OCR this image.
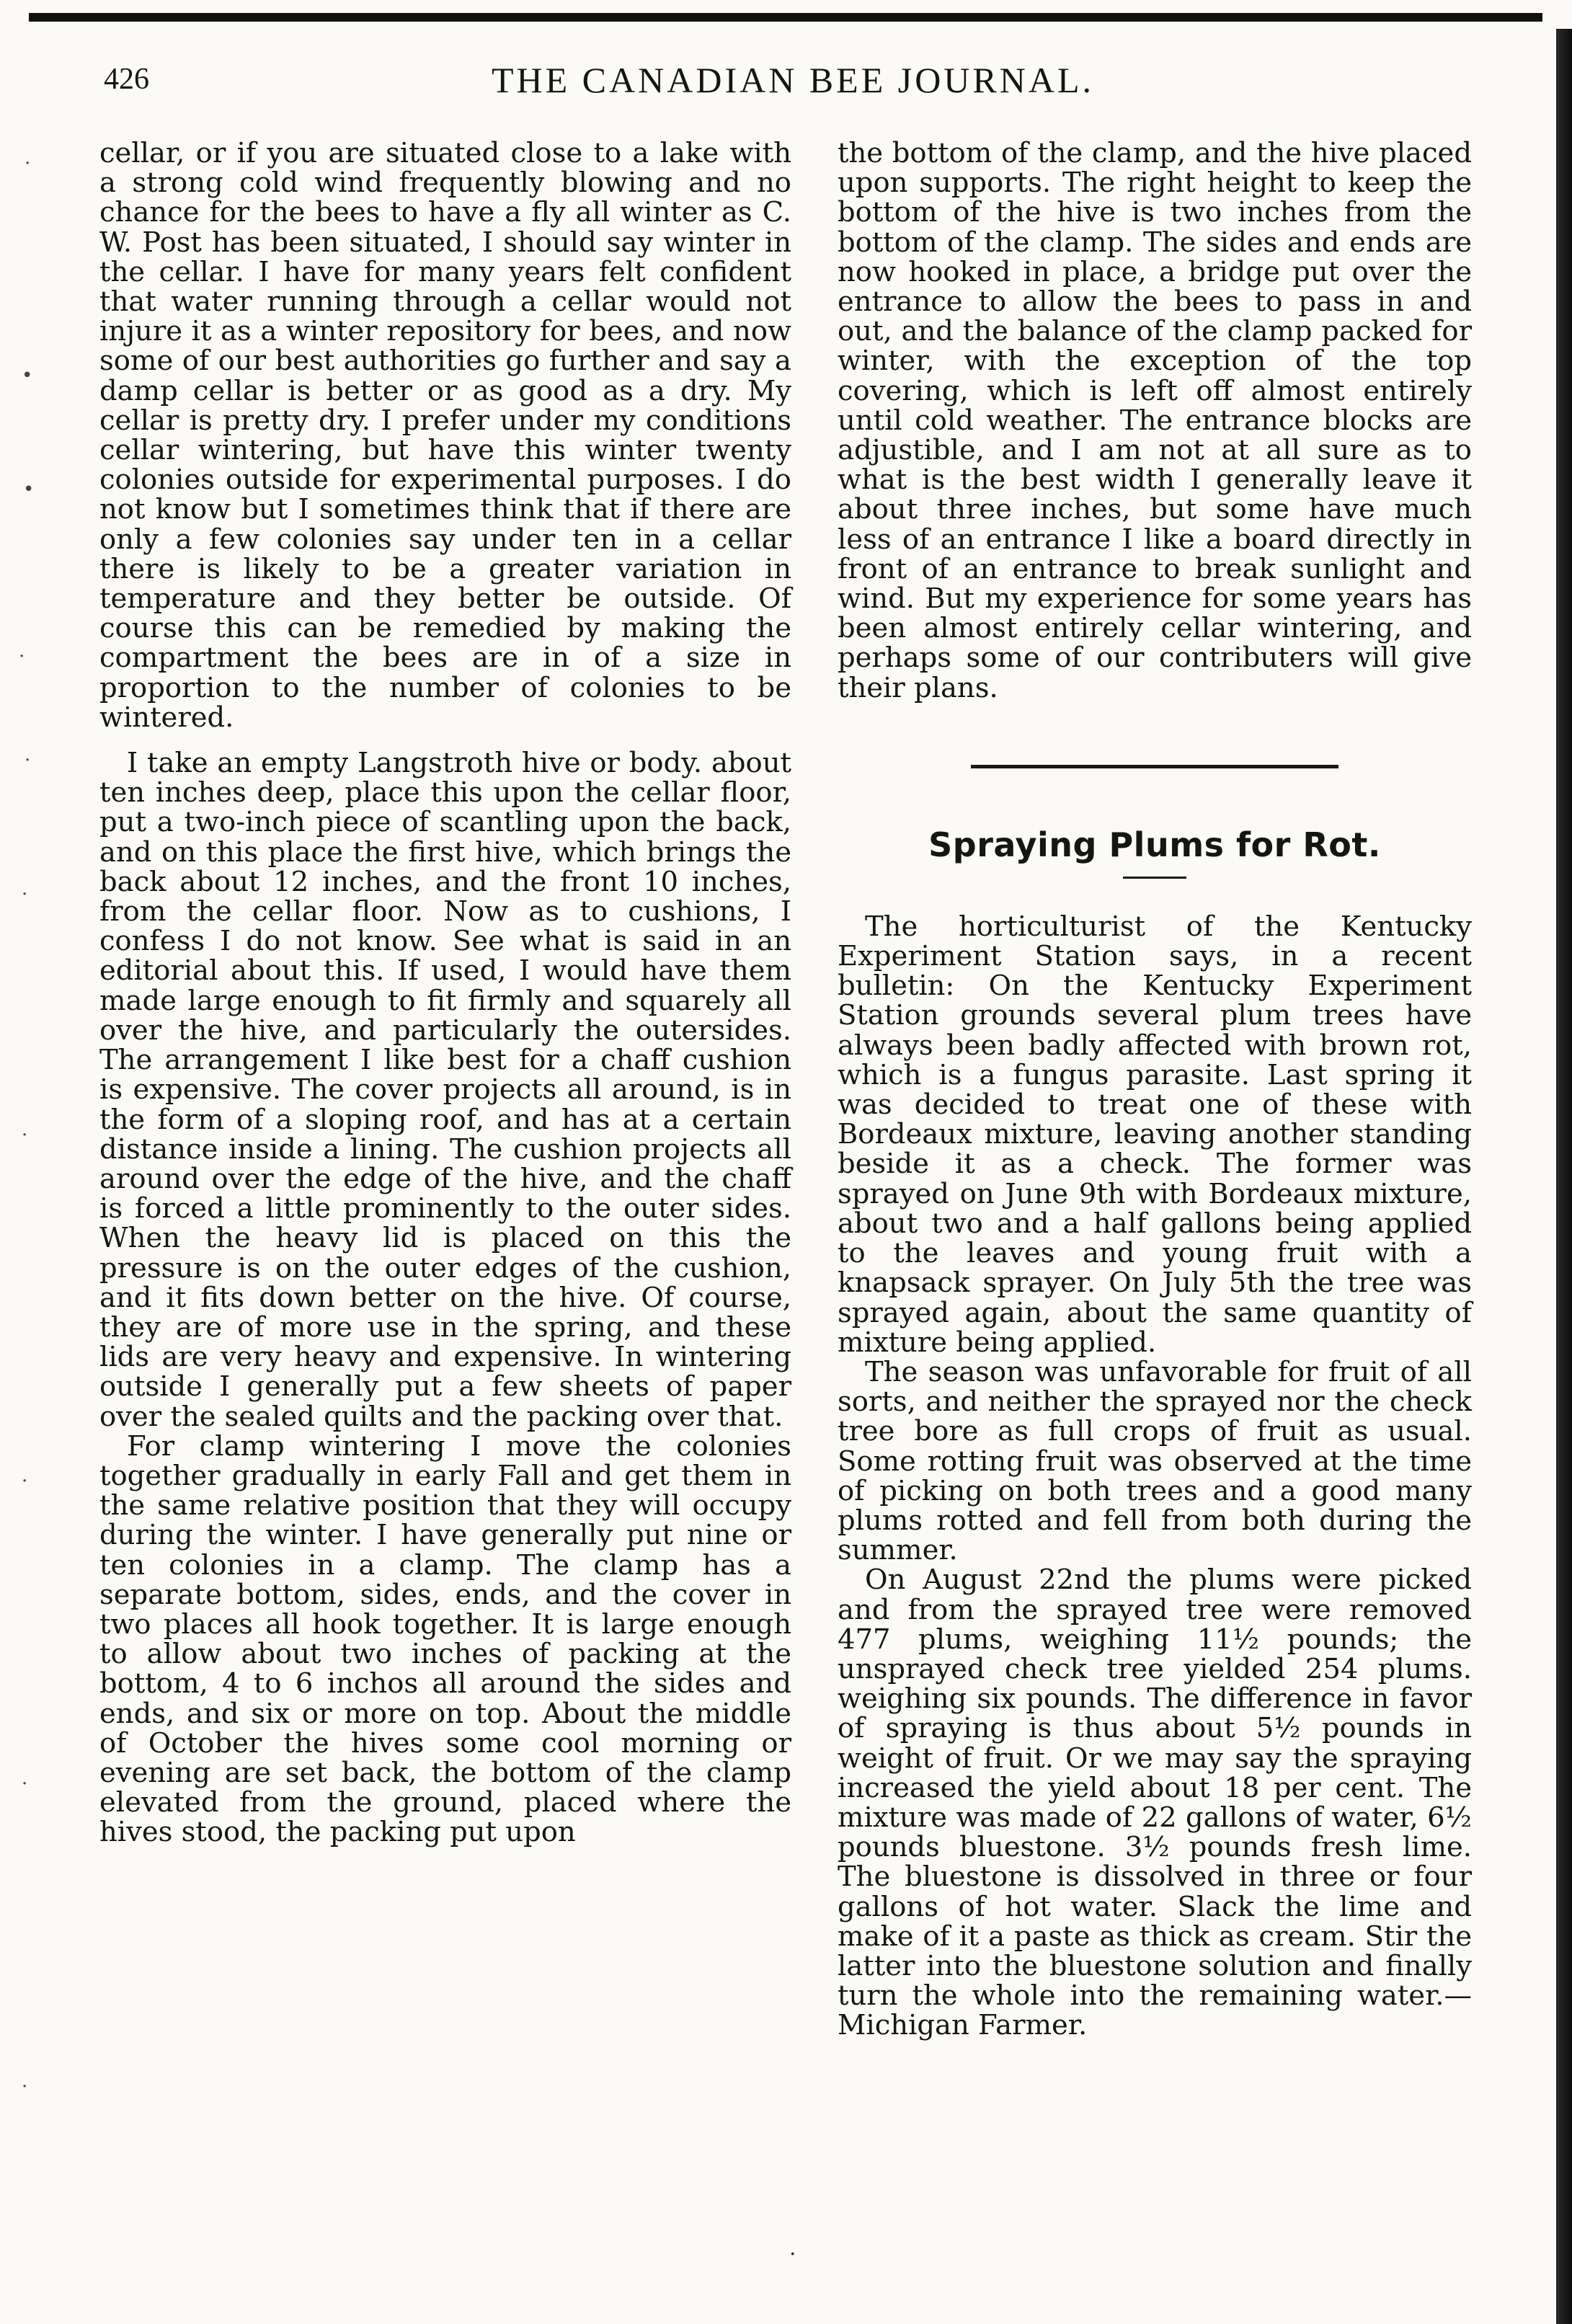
·
•
•
·
·
·
·
·
·
·
426	THE CANADIAN BEE JOURNAL.

cellar, or if you are situated close to a lake with a strong cold wind frequently blowing and no chance for the bees to have a fly all winter as C. W. Post has been situated, I should say winter in the cellar. I have for many years felt confident that water running through a cellar would not injure it as a winter repository for bees, and now some of our best authorities go further and say a damp cellar is better or as good as a dry. My cellar is pretty dry. I prefer under my conditions cellar wintering, but have this winter twenty colonies outside for experimental purposes. I do not know but I sometimes think that if there are only a few colonies say under ten in a cellar there is likely to be a greater variation in temperature and they better be outside. Of course this can be remedied by making the compartment the bees are in of a size in proportion to the number of colonies to be wintered.

I take an empty Langstroth hive or body. about ten inches deep, place this upon the cellar floor, put a two-inch piece of scantling upon the back, and on this place the first hive, which brings the back about 12 inches, and the front 10 inches, from the cellar floor. Now as to cushions, I confess I do not know. See what is said in an editorial about this. If used, I would have them made large enough to fit firmly and squarely all over the hive, and particularly the outersides. The arrangement I like best for a chaff cushion is expensive. The cover projects all around, is in the form of a sloping roof, and has at a certain distance inside a lining. The cushion projects all around over the edge of the hive, and the chaff is forced a little prominently to the outer sides. When the heavy lid is placed on this the pressure is on the outer edges of the cushion, and it fits down better on the hive. Of course, they are of more use in the spring, and these lids are very heavy and expensive. In wintering outside I generally put a few sheets of paper over the sealed quilts and the packing over that.

For clamp wintering I move the colonies together gradually in early Fall and get them in the same relative position that they will occupy during the winter. I have generally put nine or ten colonies in a clamp. The clamp has a separate bottom, sides, ends, and the cover in two places all hook together. It is large enough to allow about two inches of packing at the bottom, 4 to 6 inchos all around the sides and ends, and six or more on top. About the middle of October the hives some cool morning or evening are set back, the bottom of the clamp elevated from the ground, placed where the hives stood, the packing put upon

the bottom of the clamp, and the hive placed upon supports. The right height to keep the bottom of the hive is two inches from the bottom of the clamp. The sides and ends are now hooked in place, a bridge put over the entrance to allow the bees to pass in and out, and the balance of the clamp packed for winter, with the exception of the top covering, which is left off almost entirely until cold weather. The entrance blocks are adjustible, and I am not at all sure as to what is the best width I generally leave it about three inches, but some have much less of an entrance I like a board directly in front of an entrance to break sunlight and wind. But my experience for some years has been almost entirely cellar wintering, and perhaps some of our contributers will give their plans.

Spraying Plums for Rot.

The horticulturist of the Kentucky Experiment Station says, in a recent bulletin: On the Kentucky Experiment Station grounds several plum trees have always been badly affected with brown rot, which is a fungus parasite. Last spring it was decided to treat one of these with Bordeaux mixture, leaving another standing beside it as a check. The former was sprayed on June 9th with Bordeaux mixture, about two and a half gallons being applied to the leaves and young fruit with a knapsack sprayer. On July 5th the tree was sprayed again, about the same quantity of mixture being applied.

The season was unfavorable for fruit of all sorts, and neither the sprayed nor the check tree bore as full crops of fruit as usual. Some rotting fruit was observed at the time of picking on both trees and a good many plums rotted and fell from both during the summer.

On August 22nd the plums were picked and from the sprayed tree were removed 477 plums, weighing 11½ pounds; the unsprayed check tree yielded 254 plums. weighing six pounds. The difference in favor of spraying is thus about 5½ pounds in weight of fruit. Or we may say the spraying increased the yield about 18 per cent. The mixture was made of 22 gallons of water, 6½ pounds bluestone. 3½ pounds fresh lime. The bluestone is dissolved in three or four gallons of hot water. Slack the lime and make of it a paste as thick as cream. Stir the latter into the bluestone solution and finally turn the whole into the remaining water.—Michigan Farmer.

·
